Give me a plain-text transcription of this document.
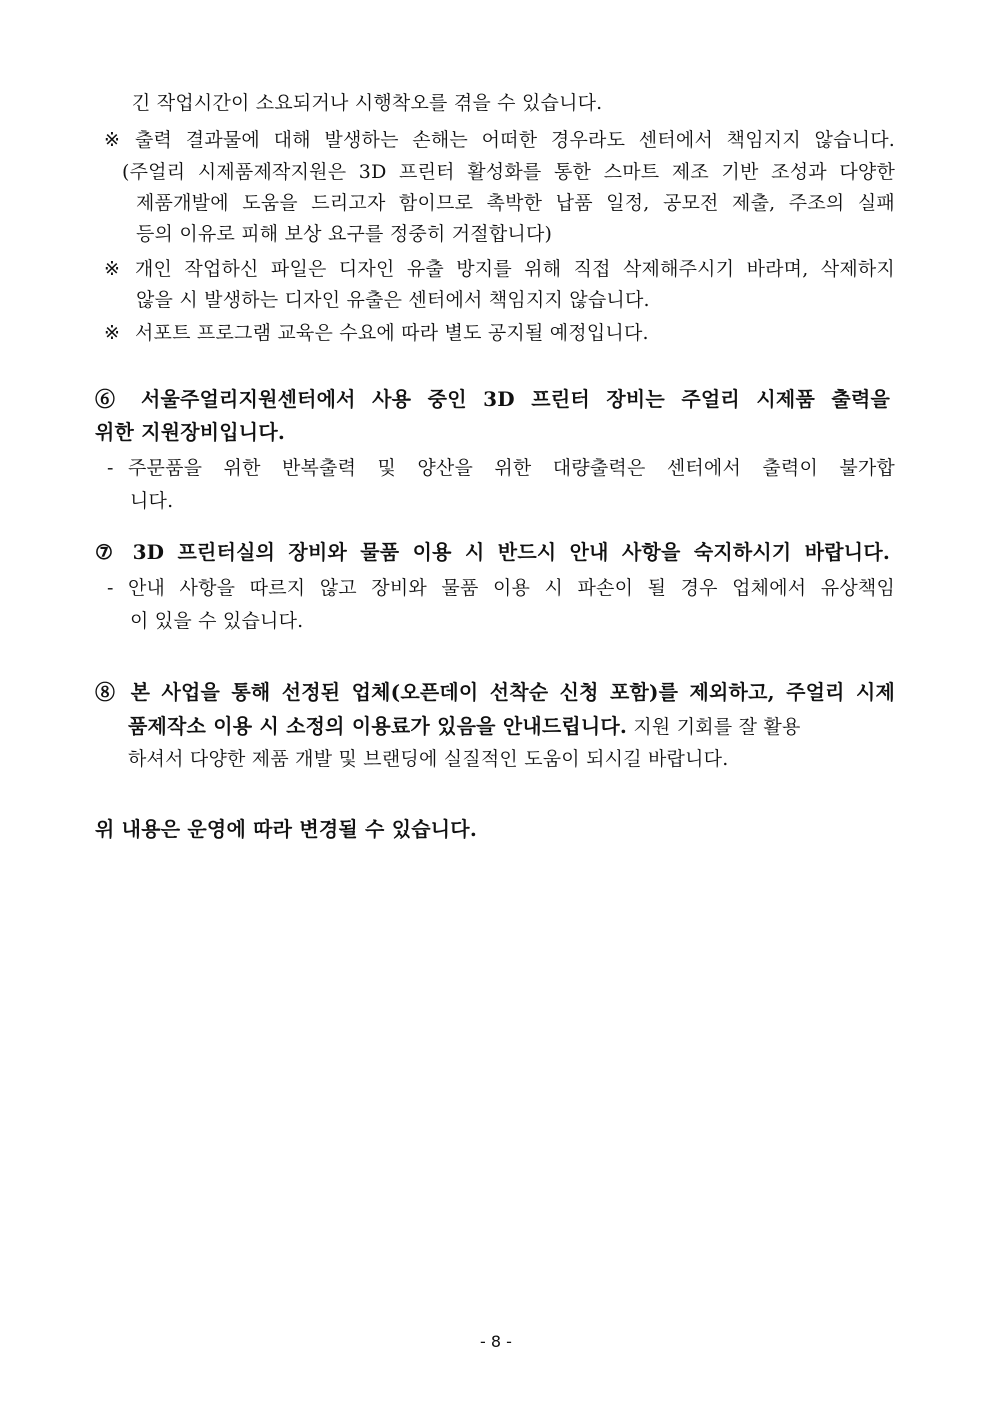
긴 작업시간이 소요되거나 시행착오를 겪을 수 있습니다.
※ 출력 결과물에 대해 발생하는 손해는 어떠한 경우라도 센터에서 책임지지 않습니다.
(주얼리 시제품제작지원은 3D 프린터 활성화를 통한 스마트 제조 기반 조성과 다양한
제품개발에 도움을 드리고자 함이므로 촉박한 납품 일정, 공모전 제출, 주조의 실패
등의 이유로 피해 보상 요구를 정중히 거절합니다)
※ 개인 작업하신 파일은 디자인 유출 방지를 위해 직접 삭제해주시기 바라며, 삭제하지
않을 시 발생하는 디자인 유출은 센터에서 책임지지 않습니다.
※ 서포트 프로그램 교육은 수요에 따라 별도 공지될 예정입니다.
⑥ 서울주얼리지원센터에서 사용 중인 3D 프린터 장비는 주얼리 시제품 출력을
위한 지원장비입니다.
- 주문품을 위한 반복출력 및 양산을 위한 대량출력은 센터에서 출력이 불가합
니다.
⑦ 3D 프린터실의 장비와 물품 이용 시 반드시 안내 사항을 숙지하시기 바랍니다.
- 안내 사항을 따르지 않고 장비와 물품 이용 시 파손이 될 경우 업체에서 유상책임
이 있을 수 있습니다.
⑧ 본 사업을 통해 선정된 업체(오픈데이 선착순 신청 포함)를 제외하고, 주얼리 시제
품제작소 이용 시 소정의 이용료가 있음을 안내드립니다. 지원 기회를 잘 활용
하셔서 다양한 제품 개발 및 브랜딩에 실질적인 도움이 되시길 바랍니다.
위 내용은 운영에 따라 변경될 수 있습니다.
- 8 -
